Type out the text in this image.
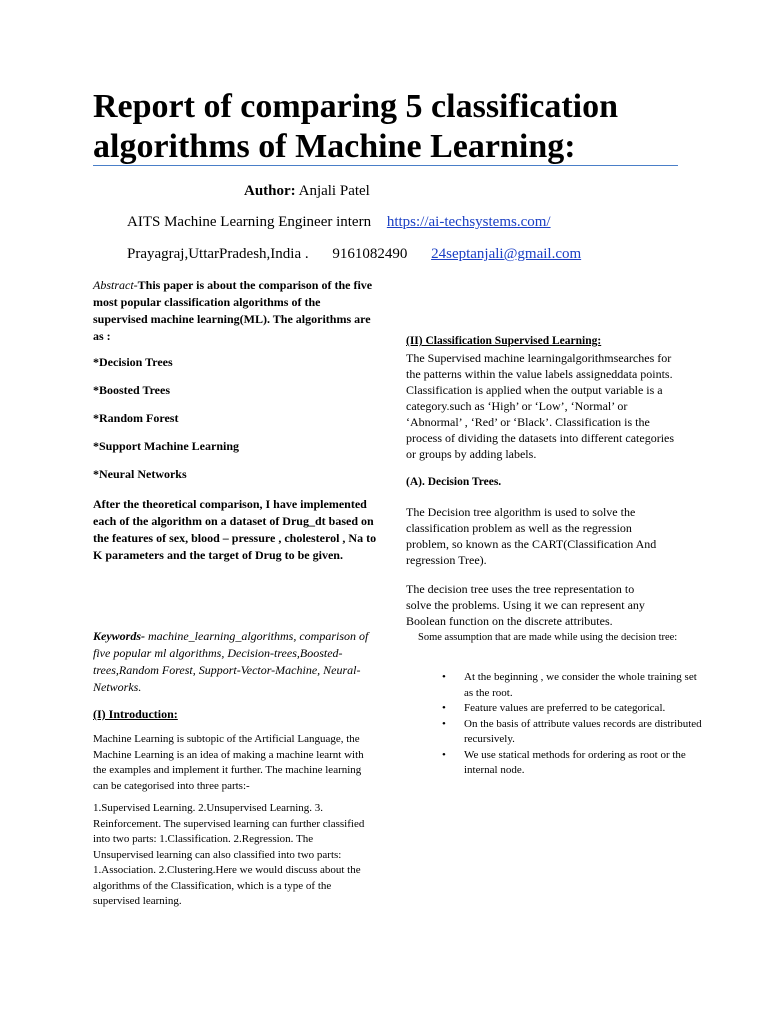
Report of comparing 5 classification algorithms of Machine Learning:
Author: Anjali Patel
AITS Machine Learning Engineer intern https://ai-techsystems.com/
Prayagraj,UttarPradesh,India . 9161082490 24septanjali@gmail.com

Abstract-This paper is about the comparison of the five most popular classification algorithms of the supervised machine learning(ML). The algorithms are as :

*Decision Trees

*Boosted Trees

*Random Forest

*Support Machine Learning

*Neural Networks

After the theoretical comparison, I have implemented each of the algorithm on a dataset of Drug_dt based on the features of sex, blood – pressure , cholesterol , Na to K parameters and the target of Drug to be given.

Keywords- machine_learning_algorithms, comparison of five popular ml algorithms, Decision-trees,Boosted-trees,Random Forest, Support-Vector-Machine, Neural-Networks.

(I) Introduction:

Machine Learning is subtopic of the Artificial Language, the Machine Learning is an idea of making a machine learnt with the examples and implement it further. The machine learning can be categorised into three parts:-

1.Supervised Learning. 2.Unsupervised Learning. 3. Reinforcement. The supervised learning can further classified into two parts: 1.Classification. 2.Regression. The Unsupervised learning can also classified into two parts: 1.Association. 2.Clustering.Here we would discuss about the algorithms of the Classification, which is a type of the supervised learning.

(II) Classification Supervised Learning:

The Supervised machine learningalgorithmsearches for the patterns within the value labels assigneddata points. Classification is applied when the output variable is a category.such as ‘High’ or ‘Low’, ‘Normal’ or ‘Abnormal’ , ‘Red’ or ‘Black’. Classification is the process of dividing the datasets into different categories or groups by adding labels.

(A). Decision Trees.

The Decision tree algorithm is used to solve the classification problem as well as the regression problem, so known as the CART(Classification And regression Tree).

The decision tree uses the tree representation to solve the problems. Using it we can represent any Boolean function on the discrete attributes.

Some assumption that are made while using the decision tree:

• At the beginning , we consider the whole training set as the root.
• Feature values are preferred to be categorical.
• On the basis of attribute values records are distributed recursively.
• We use statical methods for ordering as root or the internal node.
